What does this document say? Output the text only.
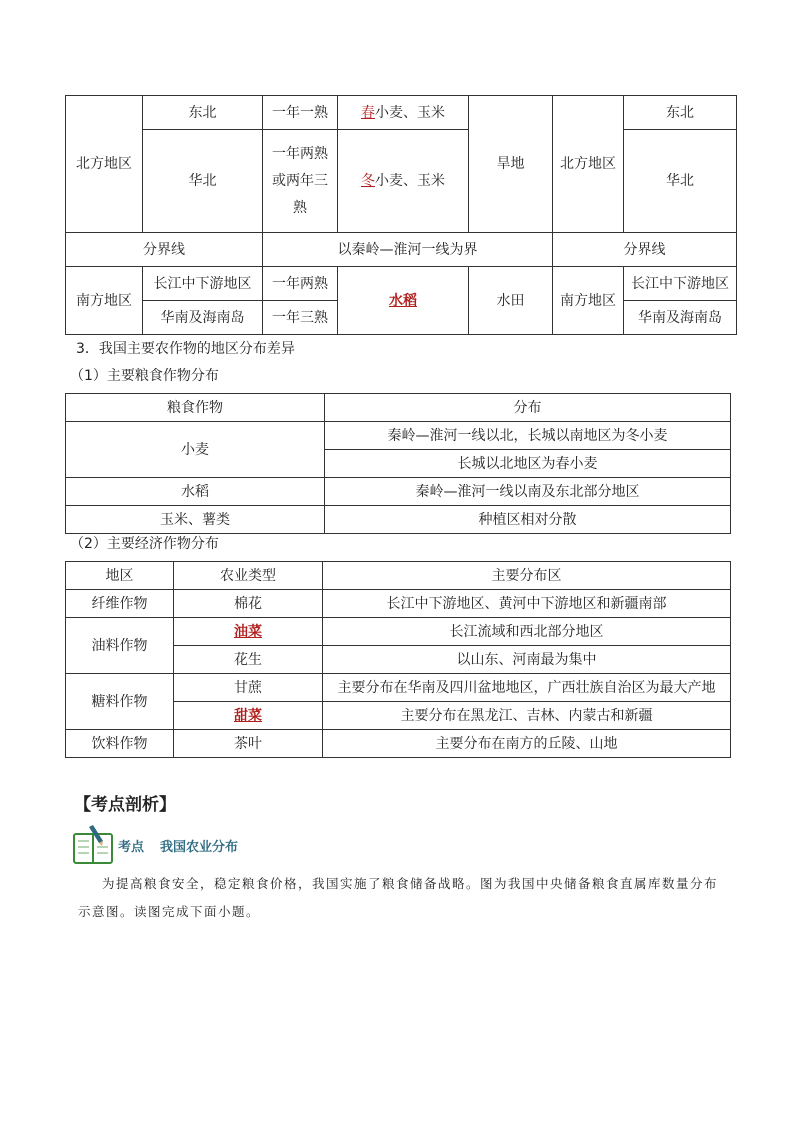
北方地区	东北	一年一熟	春小麦、玉米	旱地	北方地区	东北
	华北	一年两熟或两年三熟	冬小麦、玉米			华北
分界线		以秦岭—淮河一线为界			分界线	
南方地区	长江中下游地区	一年两熟	水稻	水田	南方地区	长江中下游地区
	华南及海南岛	一年三熟				华南及海南岛
3．我国主要农作物的地区分布差异
（1）主要粮食作物分布
粮食作物	分布
小麦	秦岭—淮河一线以北，长城以南地区为冬小麦
	长城以北地区为春小麦
水稻	秦岭—淮河一线以南及东北部分地区
玉米、薯类	种植区相对分散
（2）主要经济作物分布
地区	农业类型	主要分布区
纤维作物	棉花	长江中下游地区、黄河中下游地区和新疆南部
油料作物	油菜	长江流域和西北部分地区
	花生	以山东、河南最为集中
糖料作物	甘蔗	主要分布在华南及四川盆地地区，广西壮族自治区为最大产地
	甜菜	主要分布在黑龙江、吉林、内蒙古和新疆
饮料作物	茶叶	主要分布在南方的丘陵、山地
【考点剖析】
考点 我国农业分布
为提高粮食安全，稳定粮食价格，我国实施了粮食储备战略。图为我国中央储备粮食直属库数量分布示意图。读图完成下面小题。
